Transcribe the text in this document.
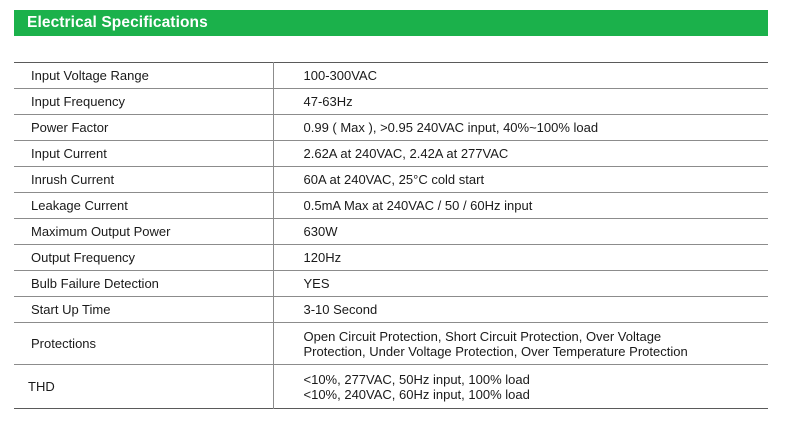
Electrical Specifications
Input Voltage Range	100-300VAC
Input Frequency	47-63Hz
Power Factor	0.99 ( Max ), >0.95 240VAC input, 40%~100% load
Input Current	2.62A at 240VAC, 2.42A at 277VAC
Inrush Current	60A at 240VAC, 25°C cold start
Leakage Current	0.5mA Max at 240VAC / 50 / 60Hz input
Maximum Output Power	630W
Output Frequency	120Hz
Bulb Failure Detection	YES
Start Up Time	3-10 Second
Protections	Open Circuit Protection, Short Circuit Protection, Over Voltage
Protection, Under Voltage Protection, Over Temperature Protection

THD	<10%, 277VAC, 50Hz input, 100% load
<10%, 240VAC, 60Hz input, 100% load
